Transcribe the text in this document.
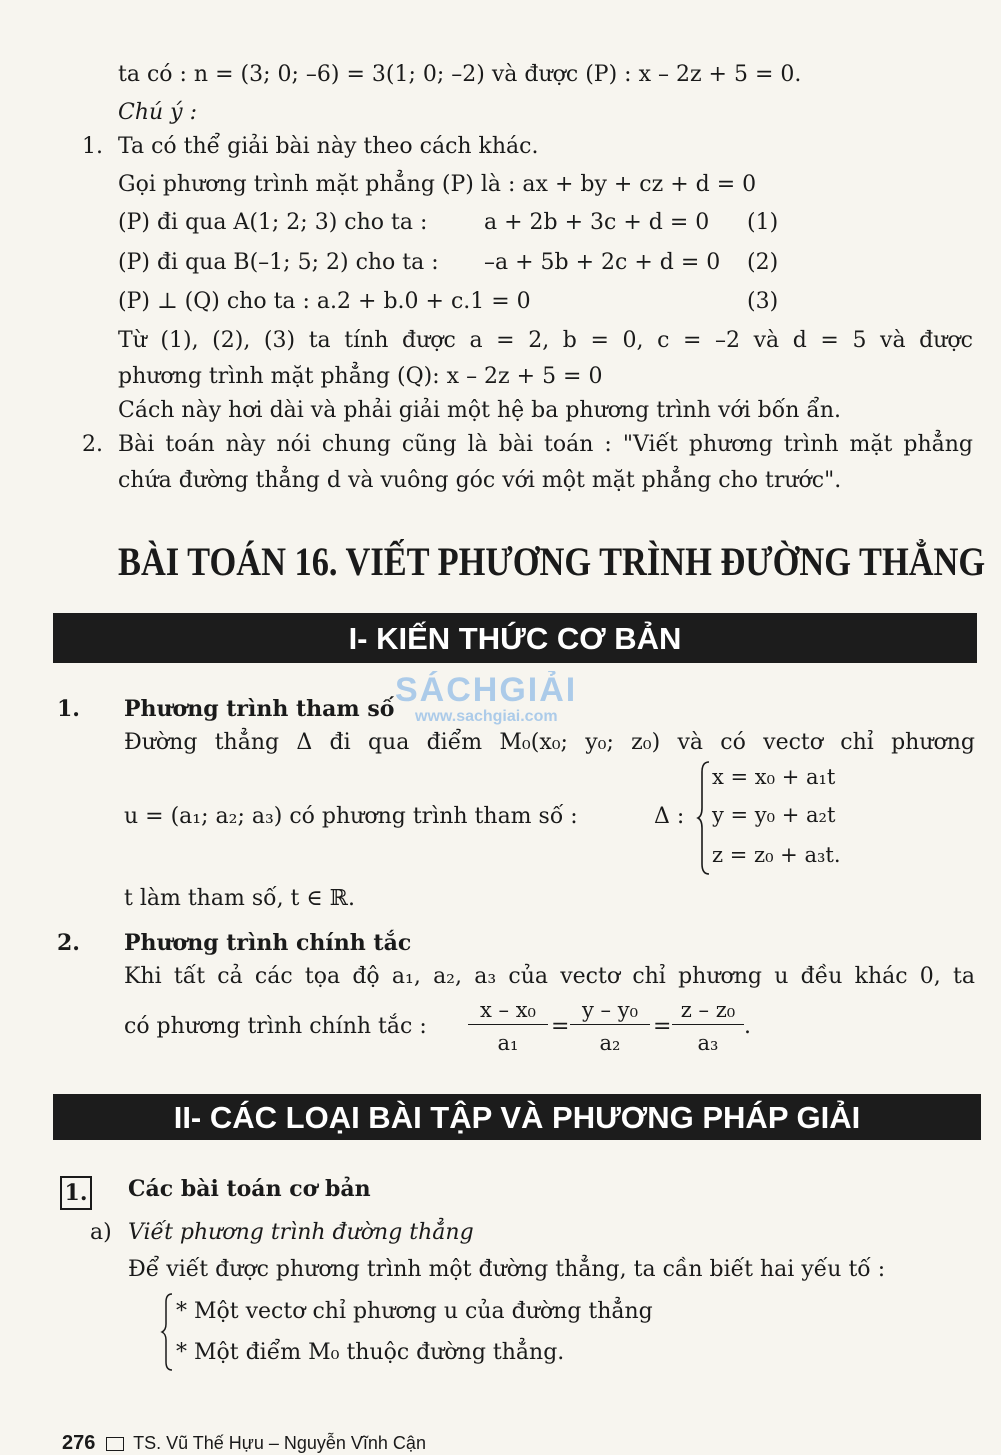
ta có : n = (3; 0; –6) = 3(1; 0; –2) và được (P) : x – 2z + 5 = 0.
Chú ý :
1. Ta có thể giải bài này theo cách khác.
Gọi phương trình mặt phẳng (P) là : ax + by + cz + d = 0
(P) đi qua A(1; 2; 3) cho ta :	a + 2b + 3c + d = 0 (1)
(P) đi qua B(–1; 5; 2) cho ta : –a + 5b + 2c + d = 0 (2)
(P) ⊥ (Q) cho ta : a.2 + b.0 + c.1 = 0	(3)
Từ (1), (2), (3) ta tính được a = 2, b = 0, c = –2 và d = 5 và được
phương trình mặt phẳng (Q): x – 2z + 5 = 0
Cách này hơi dài và phải giải một hệ ba phương trình với bốn ẩn.
2. Bài toán này nói chung cũng là bài toán : "Viết phương trình mặt phẳng
chứa đường thẳng d và vuông góc với một mặt phẳng cho trước".
BÀI TOÁN 16. VIẾT PHƯƠNG TRÌNH ĐƯỜNG THẲNG
I- KIẾN THỨC CƠ BẢN
SÁCHGIẢI
www.sachgiai.com
1. Phương trình tham số
Đường thẳng Δ đi qua điểm M₀(x₀; y₀; z₀) và có vectơ chỉ phương
u = (a₁; a₂; a₃) có phương trình tham số :	Δ :
x = x₀ + a₁t
y = y₀ + a₂t
z = z₀ + a₃t.
t làm tham số, t ∈ ℝ.
2. Phương trình chính tắc
Khi tất cả các tọa độ a₁, a₂, a₃ của vectơ chỉ phương u đều khác 0, ta
có phương trình chính tắc : $\frac{\text{x – x₀}}{\text{a₁}} = \frac{\text{y – y₀}}{\text{a₂}} = \frac{\text{z – z₀}}{\text{a₃}}$ .
II- CÁC LOẠI BÀI TẬP VÀ PHƯƠNG PHÁP GIẢI
1. Các bài toán cơ bản
a) Viết phương trình đường thẳng
Để viết được phương trình một đường thẳng, ta cần biết hai yếu tố :
* Một vectơ chỉ phương u của đường thẳng
* Một điểm M₀ thuộc đường thẳng.
276 TS. Vũ Thế Hựu – Nguyễn Vĩnh Cận
